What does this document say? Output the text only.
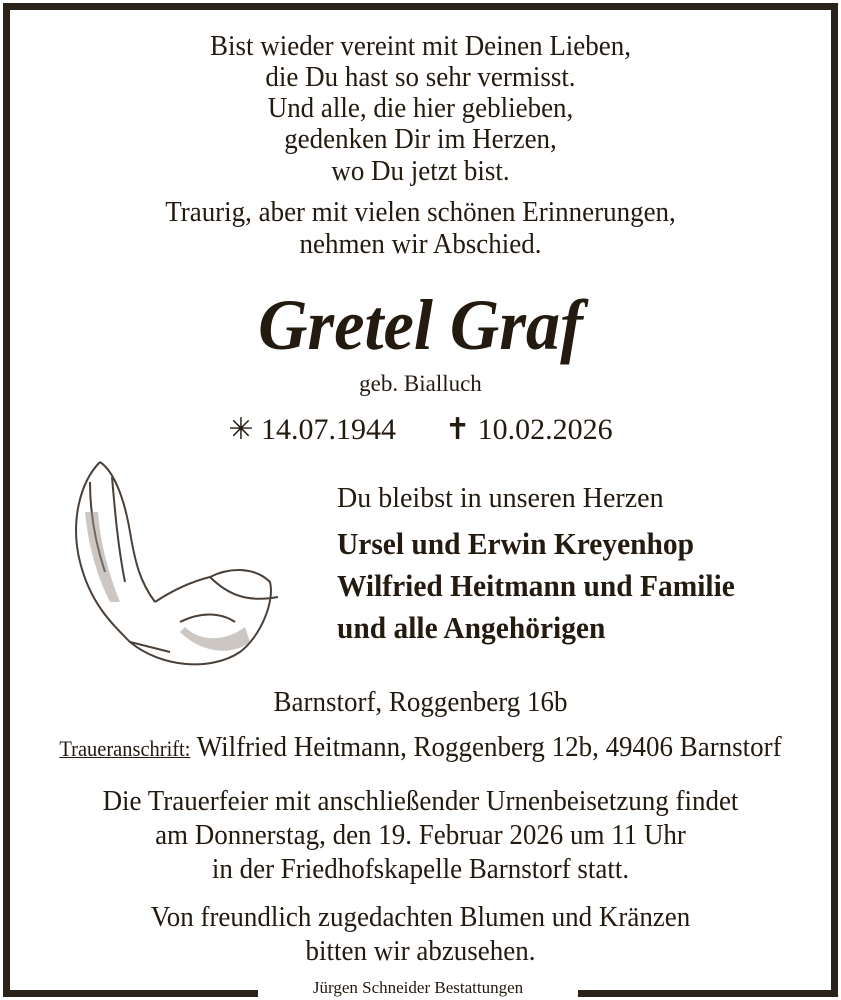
Bist wieder vereint mit Deinen Lieben,
die Du hast so sehr vermisst.
Und alle, die hier geblieben,
gedenken Dir im Herzen,
wo Du jetzt bist.
Traurig, aber mit vielen schönen Erinnerungen,
nehmen wir Abschied.
Gretel Graf
geb. Bialluch
✳ 14.07.1944 ✝ 10.02.2026
Du bleibst in unseren Herzen
Ursel und Erwin Kreyenhop
Wilfried Heitmann und Familie
und alle Angehörigen
Barnstorf, Roggenberg 16b
Traueranschrift: Wilfried Heitmann, Roggenberg 12b, 49406 Barnstorf
Die Trauerfeier mit anschließender Urnenbeisetzung findet
am Donnerstag, den 19. Februar 2026 um 11 Uhr
in der Friedhofskapelle Barnstorf statt.
Von freundlich zugedachten Blumen und Kränzen
bitten wir abzusehen.
Jürgen Schneider Bestattungen
